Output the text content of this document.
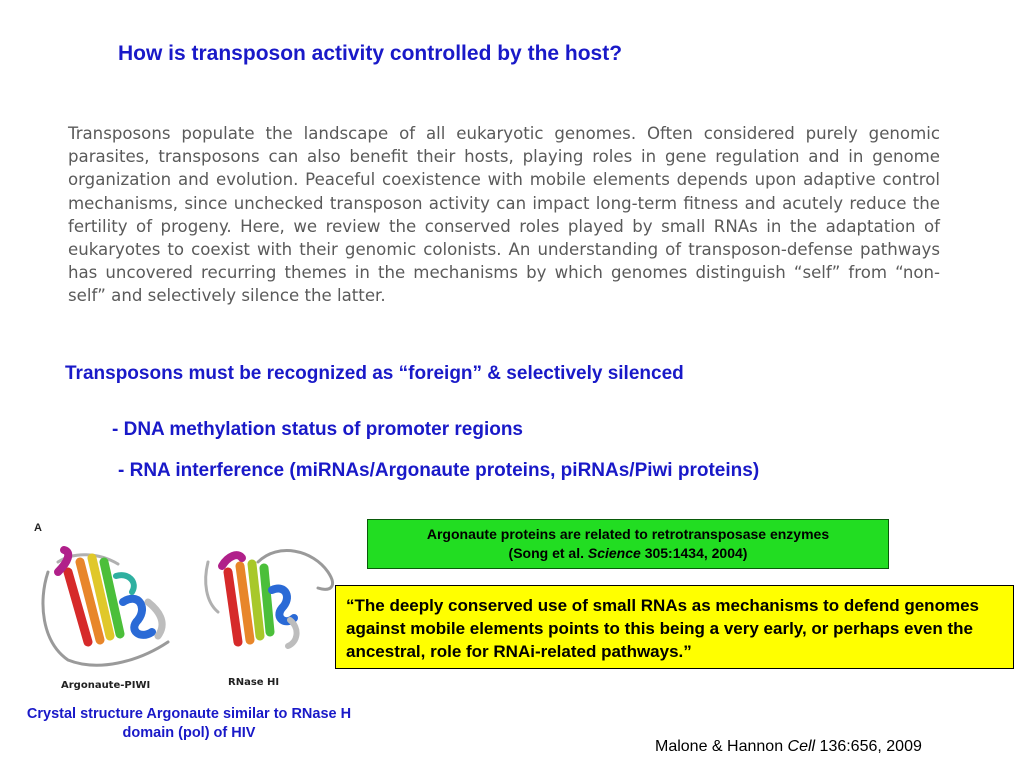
How is transposon activity controlled by the host?
Transposons populate the landscape of all eukaryotic genomes. Often considered purely genomic parasites, transposons can also benefit their hosts, playing roles in gene regulation and in genome organization and evolution. Peaceful coexistence with mobile elements depends upon adaptive control mechanisms, since unchecked transposon activity can impact long-term fitness and acutely reduce the fertility of progeny. Here, we review the conserved roles played by small RNAs in the adaptation of eukaryotes to coexist with their genomic colonists. An understanding of transposon-defense pathways has uncovered recurring themes in the mechanisms by which genomes distinguish “self” from “non-self” and selectively silence the latter.
Transposons must be recognized as “foreign” & selectively silenced
- DNA methylation status of promoter regions
- RNA interference (miRNAs/Argonaute proteins, piRNAs/Piwi proteins)
A
Argonaute-PIWI	RNase HI
Argonaute proteins are related to retrotransposase enzymes
(Song et al. Science 305:1434, 2004)
“The deeply conserved use of small RNAs as mechanisms to defend genomes against mobile elements points to this being a very early, or perhaps even the ancestral, role for RNAi-related pathways.”
Crystal structure Argonaute similar to RNase H domain (pol) of HIV
Malone & Hannon Cell 136:656, 2009
